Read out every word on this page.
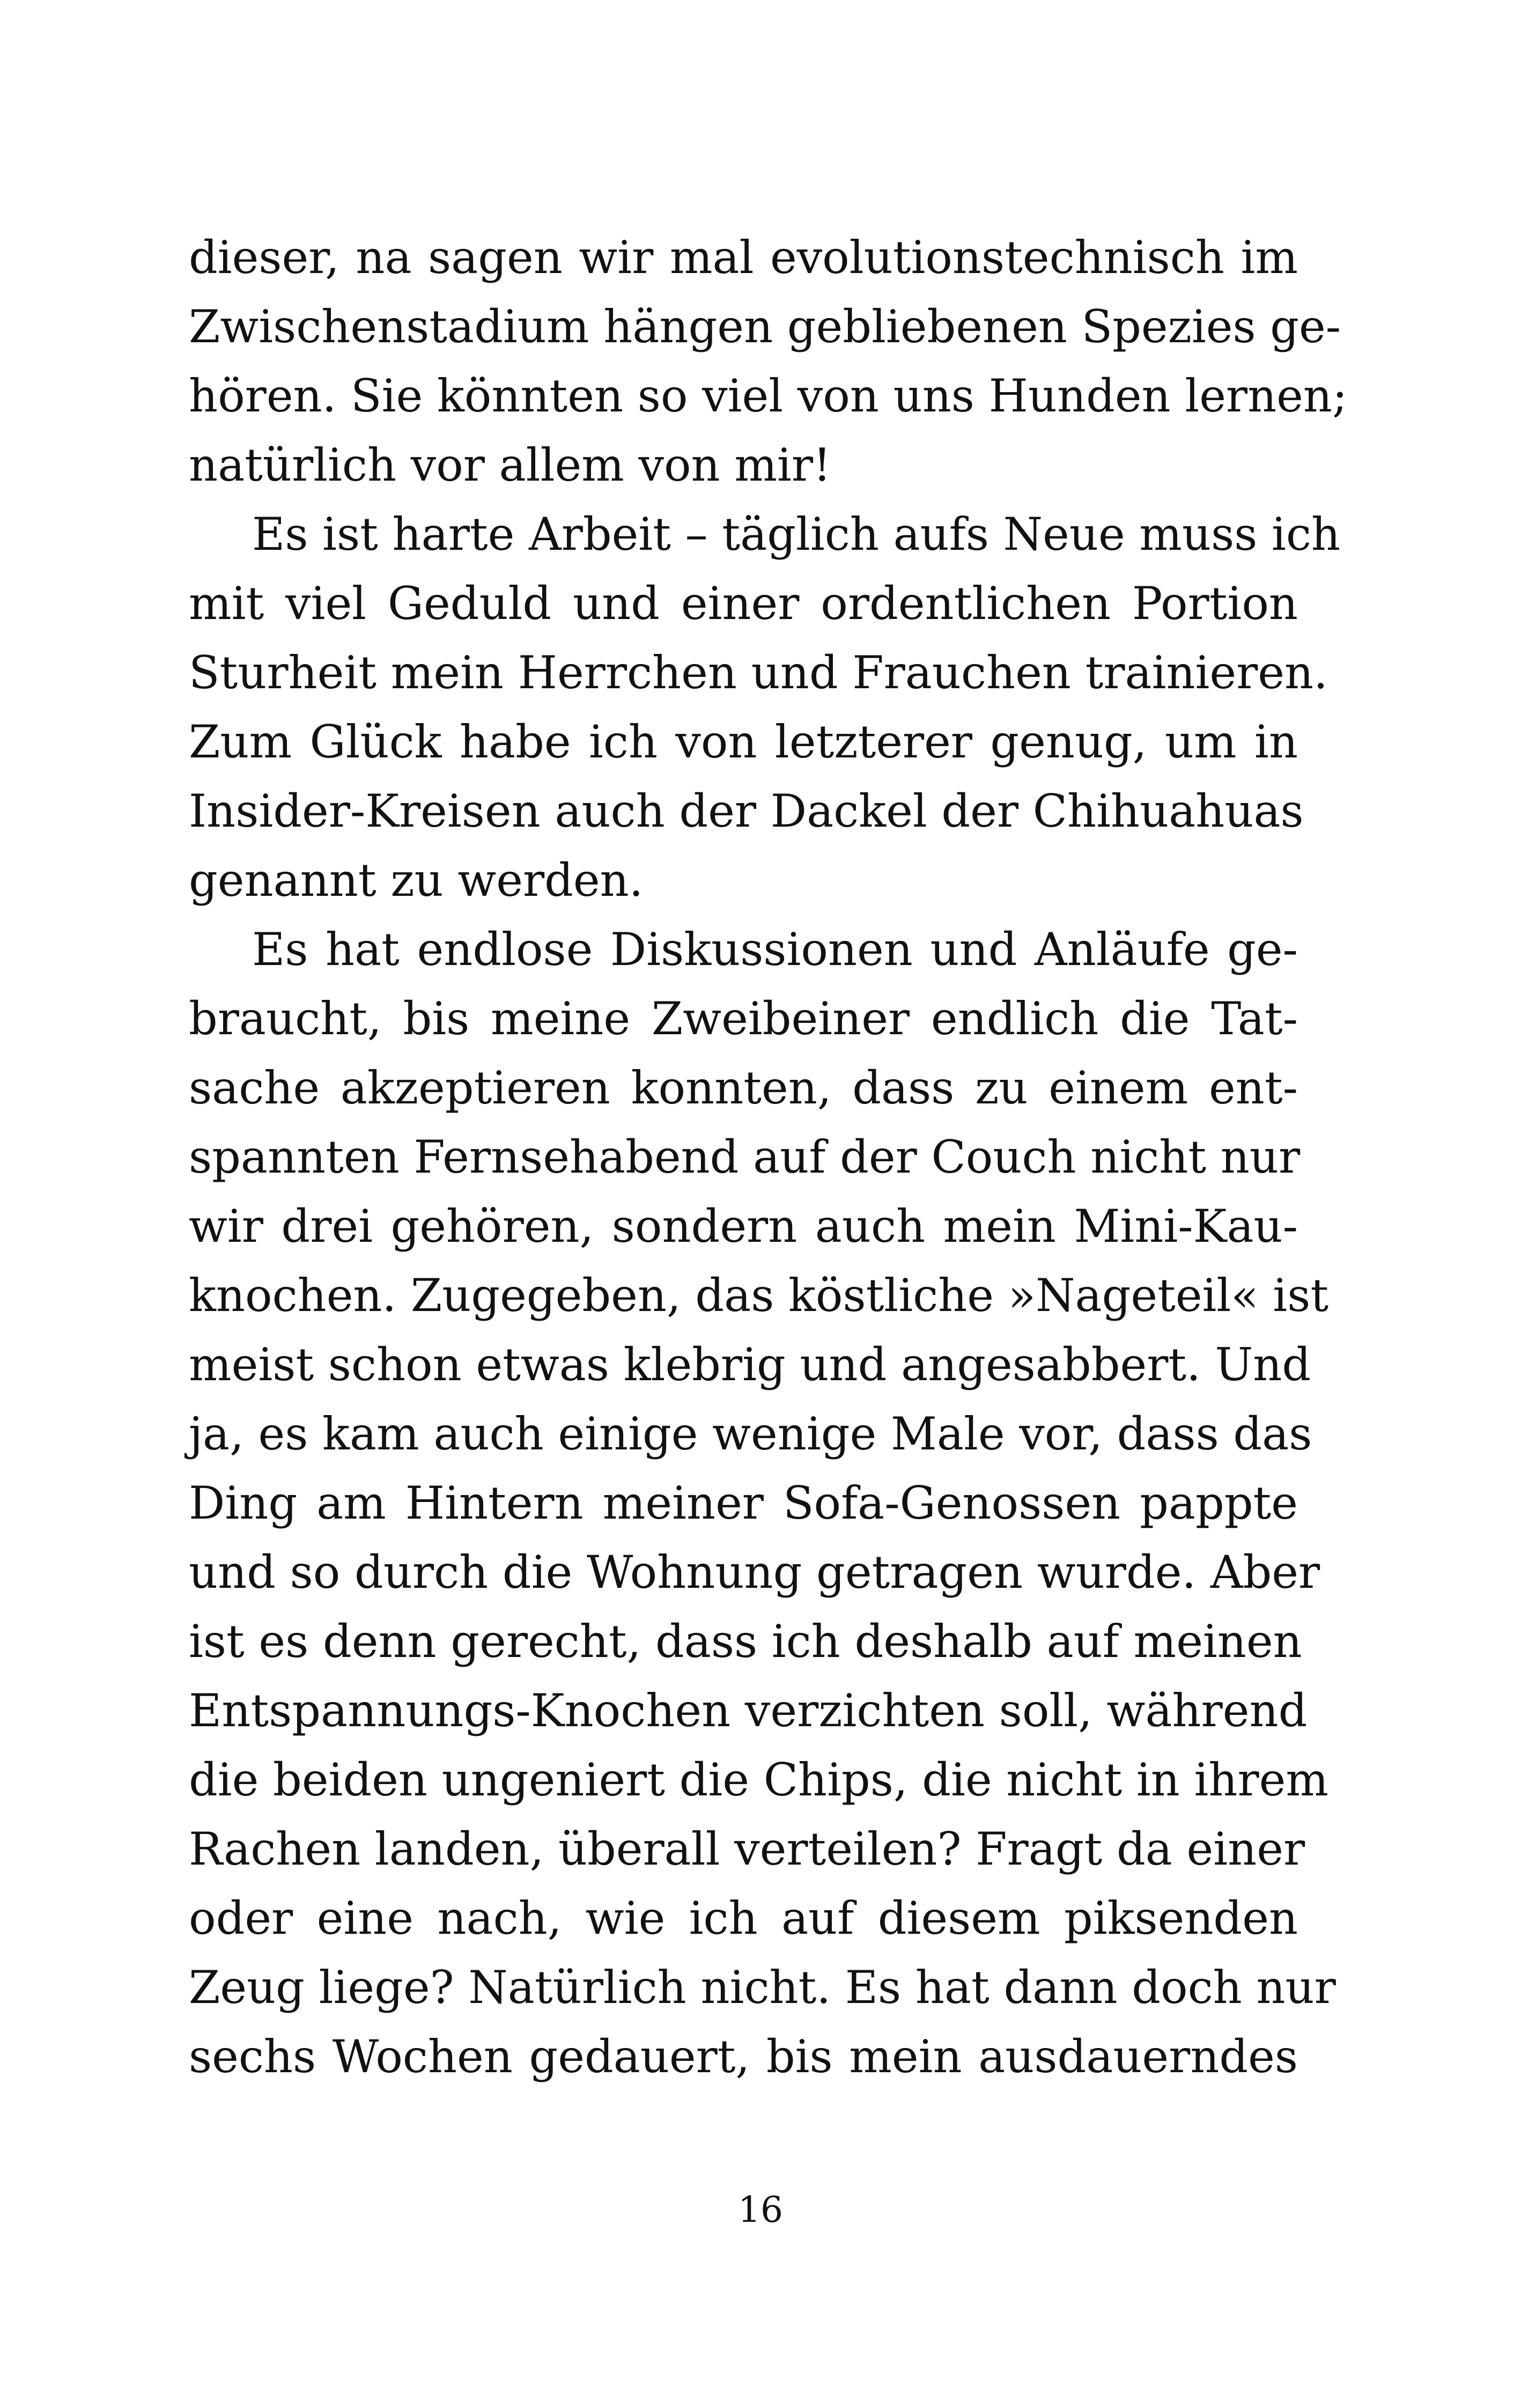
dieser, na sagen wir mal evolutionstechnisch im
Zwischenstadium hängen gebliebenen Spezies ge-
hören. Sie könnten so viel von uns Hunden lernen;
natürlich vor allem von mir!
Es ist harte Arbeit – täglich aufs Neue muss ich
mit viel Geduld und einer ordentlichen Portion
Sturheit mein Herrchen und Frauchen trainieren.
Zum Glück habe ich von letzterer genug, um in
Insider-Kreisen auch der Dackel der Chihuahuas
genannt zu werden.
Es hat endlose Diskussionen und Anläufe ge-
braucht, bis meine Zweibeiner endlich die Tat-
sache akzeptieren konnten, dass zu einem ent-
spannten Fernsehabend auf der Couch nicht nur
wir drei gehören, sondern auch mein Mini-Kau-
knochen. Zugegeben, das köstliche »Nageteil« ist
meist schon etwas klebrig und angesabbert. Und
ja, es kam auch einige wenige Male vor, dass das
Ding am Hintern meiner Sofa-Genossen pappte
und so durch die Wohnung getragen wurde. Aber
ist es denn gerecht, dass ich deshalb auf meinen
Entspannungs-Knochen verzichten soll, während
die beiden ungeniert die Chips, die nicht in ihrem
Rachen landen, überall verteilen? Fragt da einer
oder eine nach, wie ich auf diesem piksenden
Zeug liege? Natürlich nicht. Es hat dann doch nur
sechs Wochen gedauert, bis mein ausdauerndes
16
